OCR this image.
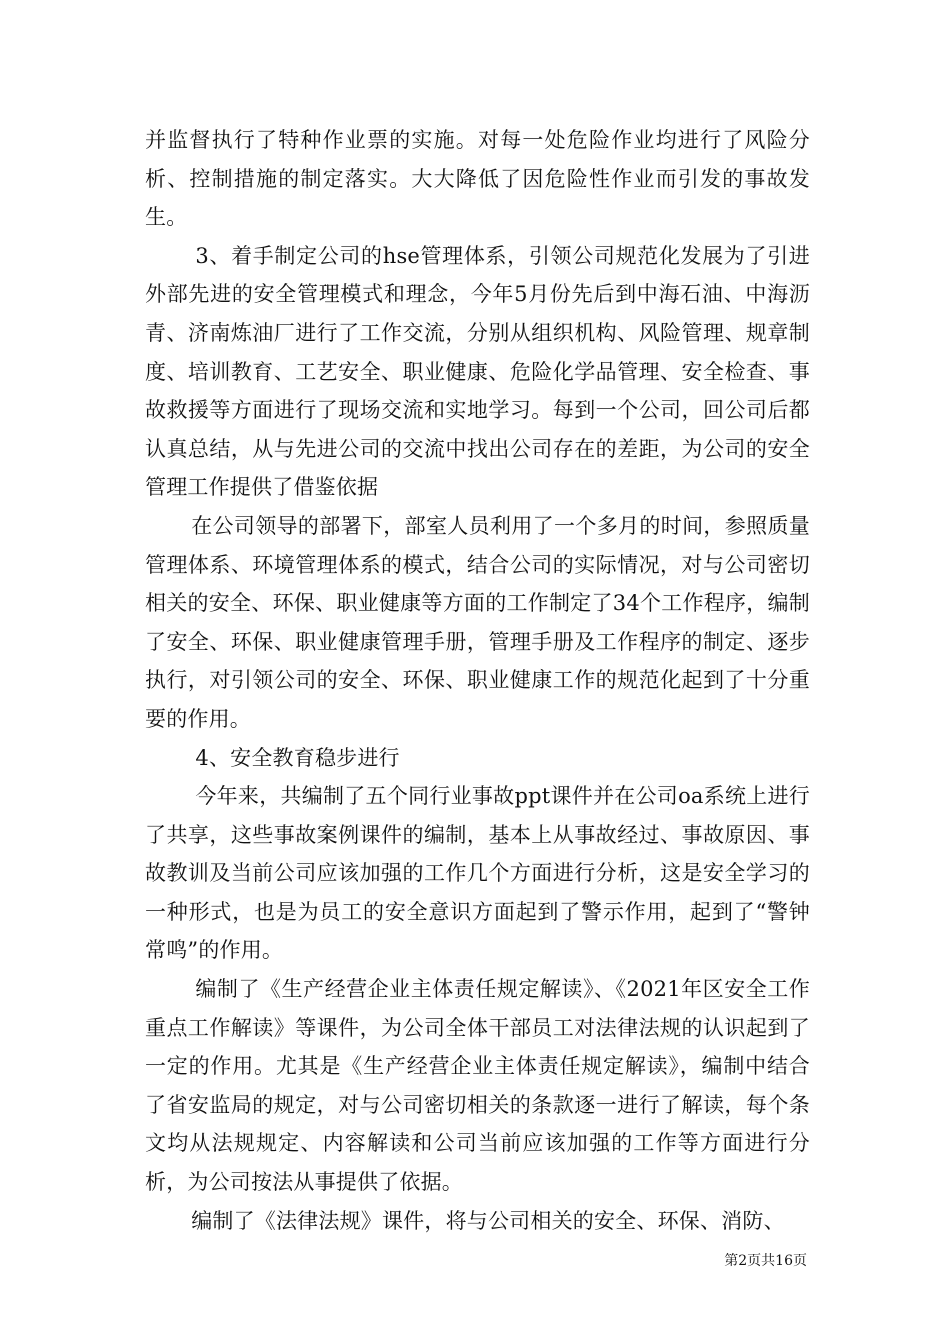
并监督执行了特种作业票的实施。对每一处危险作业均进行了风险分析、控制措施的制定落实。大大降低了因危险性作业而引发的事故发生。

3、着手制定公司的hse管理体系，引领公司规范化发展为了引进外部先进的安全管理模式和理念，今年5月份先后到中海石油、中海沥青、济南炼油厂进行了工作交流，分别从组织机构、风险管理、规章制度、培训教育、工艺安全、职业健康、危险化学品管理、安全检查、事故救援等方面进行了现场交流和实地学习。每到一个公司，回公司后都认真总结，从与先进公司的交流中找出公司存在的差距，为公司的安全管理工作提供了借鉴依据

在公司领导的部署下，部室人员利用了一个多月的时间，参照质量管理体系、环境管理体系的模式，结合公司的实际情况，对与公司密切相关的安全、环保、职业健康等方面的工作制定了34个工作程序，编制了安全、环保、职业健康管理手册，管理手册及工作程序的制定、逐步执行，对引领公司的安全、环保、职业健康工作的规范化起到了十分重要的作用。

4、安全教育稳步进行

今年来，共编制了五个同行业事故ppt课件并在公司oa系统上进行了共享，这些事故案例课件的编制，基本上从事故经过、事故原因、事故教训及当前公司应该加强的工作几个方面进行分析，这是安全学习的一种形式，也是为员工的安全意识方面起到了警示作用，起到了“警钟常鸣”的作用。

编制了《生产经营企业主体责任规定解读》、《2021年区安全工作重点工作解读》等课件，为公司全体干部员工对法律法规的认识起到了一定的作用。尤其是《生产经营企业主体责任规定解读》，编制中结合了省安监局的规定，对与公司密切相关的条款逐一进行了解读，每个条文均从法规规定、内容解读和公司当前应该加强的工作等方面进行分析，为公司按法从事提供了依据。

编制了《法律法规》课件，将与公司相关的安全、环保、消防、

第2页共16页
